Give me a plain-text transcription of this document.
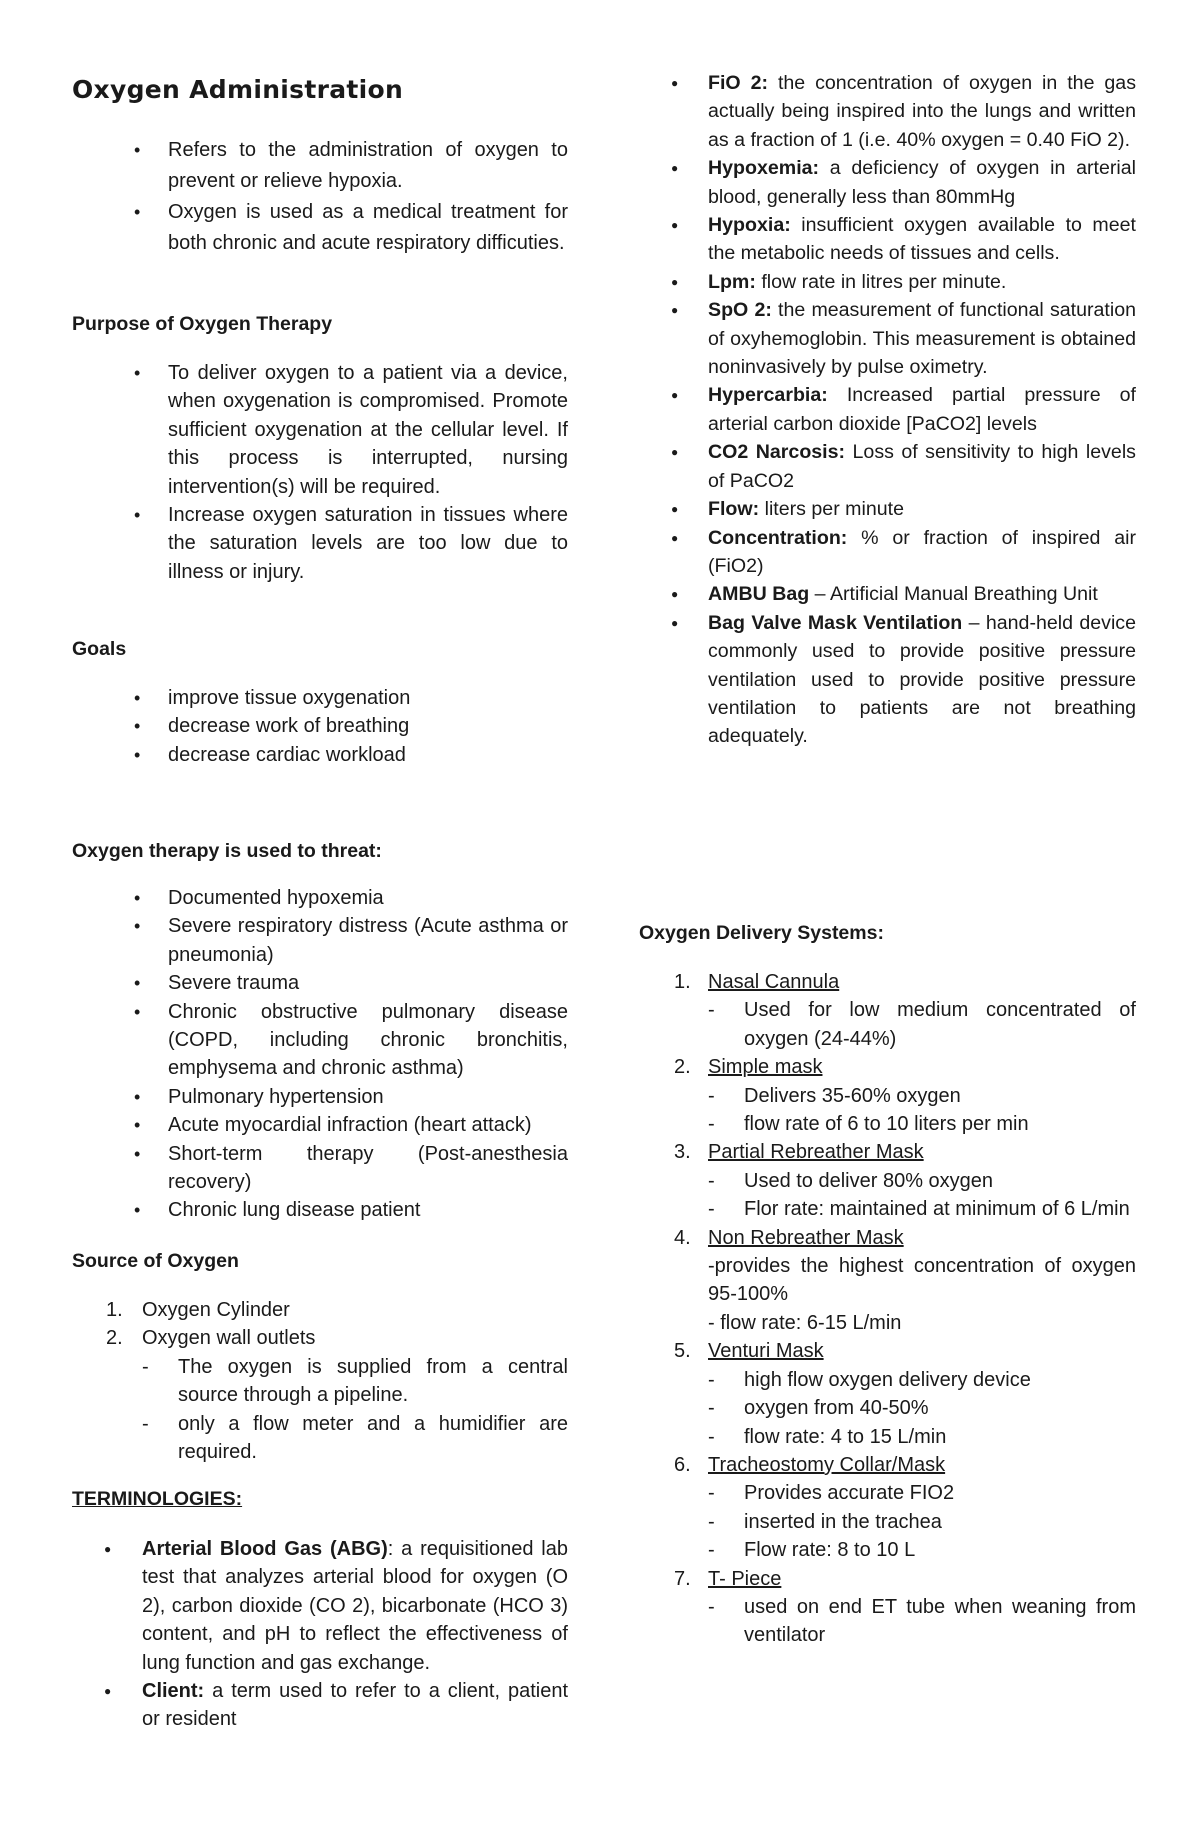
Oxygen Administration
• Refers to the administration of oxygen to prevent or relieve hypoxia.
• Oxygen is used as a medical treatment for both chronic and acute respiratory difficuties.
Purpose of Oxygen Therapy
• To deliver oxygen to a patient via a device, when oxygenation is compromised. Promote sufficient oxygenation at the cellular level. If this process is interrupted, nursing intervention(s) will be required.
• Increase oxygen saturation in tissues where the saturation levels are too low due to illness or injury.
Goals
• improve tissue oxygenation
• decrease work of breathing
• decrease cardiac workload
Oxygen therapy is used to threat:
• Documented hypoxemia
• Severe respiratory distress (Acute asthma or pneumonia)
• Severe trauma
• Chronic obstructive pulmonary disease (COPD, including chronic bronchitis, emphysema and chronic asthma)
• Pulmonary hypertension
• Acute myocardial infraction (heart attack)
• Short-term therapy (Post-anesthesia recovery)
• Chronic lung disease patient
Source of Oxygen
1. Oxygen Cylinder
2. Oxygen wall outlets
- The oxygen is supplied from a central source through a pipeline.
- only a flow meter and a humidifier are required.
TERMINOLOGIES:
● Arterial Blood Gas (ABG): a requisitioned lab test that analyzes arterial blood for oxygen (O 2), carbon dioxide (CO 2), bicarbonate (HCO 3) content, and pH to reflect the effectiveness of lung function and gas exchange.
● Client: a term used to refer to a client, patient or resident
● FiO 2: the concentration of oxygen in the gas actually being inspired into the lungs and written as a fraction of 1 (i.e. 40% oxygen = 0.40 FiO 2).
● Hypoxemia: a deficiency of oxygen in arterial blood, generally less than 80mmHg
● Hypoxia: insufficient oxygen available to meet the metabolic needs of tissues and cells.
● Lpm: flow rate in litres per minute.
● SpO 2: the measurement of functional saturation of oxyhemoglobin. This measurement is obtained noninvasively by pulse oximetry.
● Hypercarbia: Increased partial pressure of arterial carbon dioxide [PaCO2] levels
● CO2 Narcosis: Loss of sensitivity to high levels of PaCO2
● Flow: liters per minute
● Concentration: % or fraction of inspired air (FiO2)
● AMBU Bag – Artificial Manual Breathing Unit
● Bag Valve Mask Ventilation – hand-held device commonly used to provide positive pressure ventilation used to provide positive pressure ventilation to patients are not breathing adequately.
Oxygen Delivery Systems:
1. Nasal Cannula
- Used for low medium concentrated of oxygen (24-44%)
2. Simple mask
- Delivers 35-60% oxygen
- flow rate of 6 to 10 liters per min
3. Partial Rebreather Mask
- Used to deliver 80% oxygen
- Flor rate: maintained at minimum of 6 L/min
4. Non Rebreather Mask
-provides the highest concentration of oxygen 95-100%
- flow rate: 6-15 L/min
5. Venturi Mask
- high flow oxygen delivery device
- oxygen from 40-50%
- flow rate: 4 to 15 L/min
6. Tracheostomy Collar/Mask
- Provides accurate FIO2
- inserted in the trachea
- Flow rate: 8 to 10 L
7. T- Piece
- used on end ET tube when weaning from ventilator
